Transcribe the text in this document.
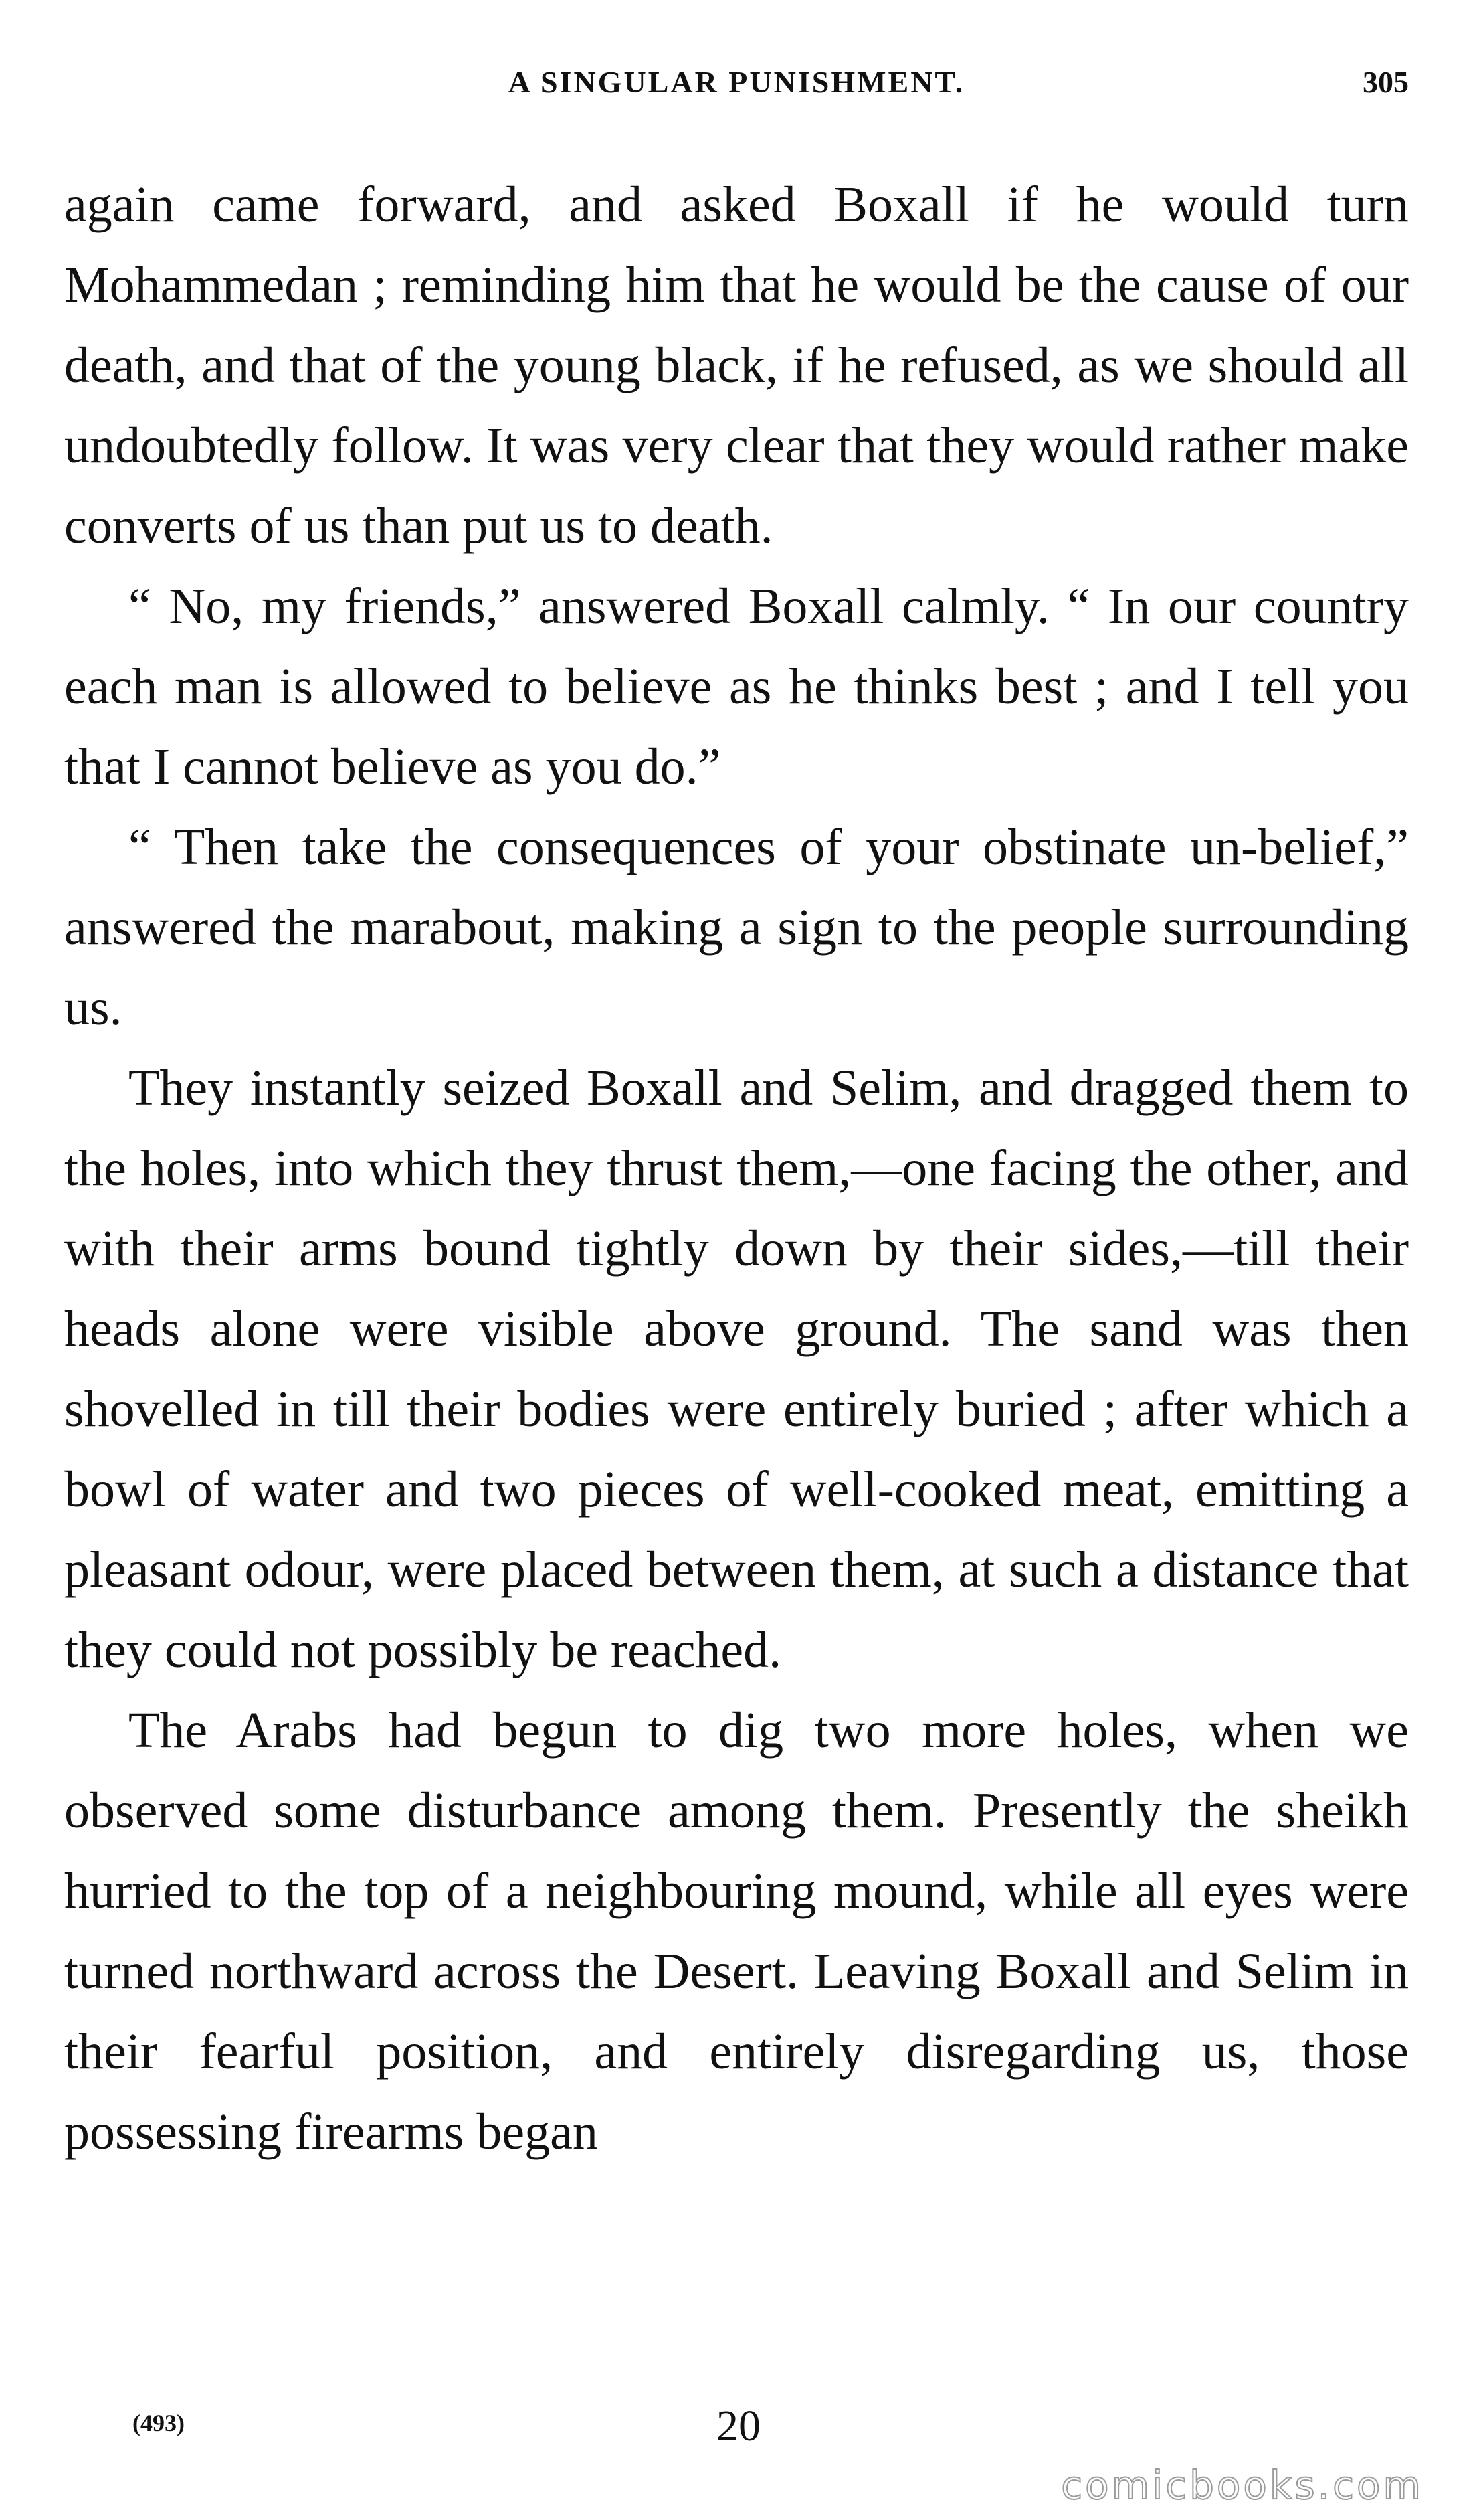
A SINGULAR PUNISHMENT.	305

again came forward, and asked Boxall if he would turn Mohammedan ; reminding him that he would be the cause of our death, and that of the young black, if he refused, as we should all undoubtedly follow. It was very clear that they would rather make converts of us than put us to death.

“ No, my friends,” answered Boxall calmly. “ In our country each man is allowed to believe as he thinks best ; and I tell you that I cannot believe as you do.”

“ Then take the consequences of your obstinate un-belief,” answered the marabout, making a sign to the people surrounding us.

They instantly seized Boxall and Selim, and dragged them to the holes, into which they thrust them,—one facing the other, and with their arms bound tightly down by their sides,—till their heads alone were visible above ground. The sand was then shovelled in till their bodies were entirely buried ; after which a bowl of water and two pieces of well-cooked meat, emitting a pleasant odour, were placed between them, at such a distance that they could not possibly be reached.

The Arabs had begun to dig two more holes, when we observed some disturbance among them. Presently the sheikh hurried to the top of a neighbouring mound, while all eyes were turned northward across the Desert. Leaving Boxall and Selim in their fearful position, and entirely disregarding us, those possessing firearms began

(493)	20
comicbooks.com
